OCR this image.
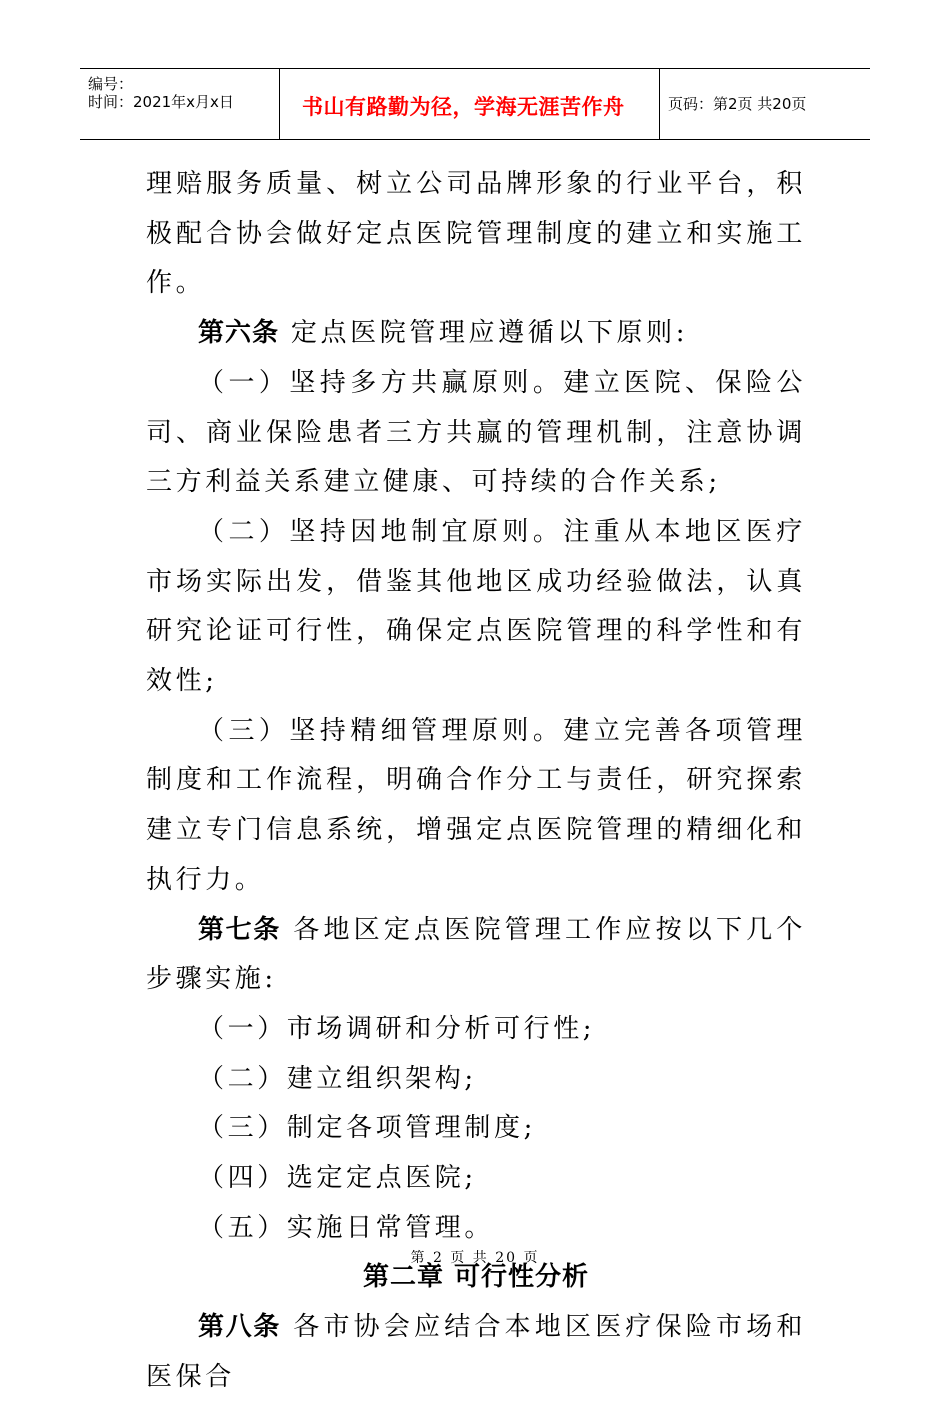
编号：
时间：2021年x月x日	书山有路勤为径，学海无涯苦作舟	页码：第2页 共20页

理赔服务质量、树立公司品牌形象的行业平台，积极配合协会做好定点医院管理制度的建立和实施工作。

第六条 定点医院管理应遵循以下原则:

（一）坚持多方共赢原则。建立医院、保险公司、商业保险患者三方共赢的管理机制，注意协调三方利益关系建立健康、可持续的合作关系;

（二）坚持因地制宜原则。注重从本地区医疗市场实际出发，借鉴其他地区成功经验做法，认真研究论证可行性，确保定点医院管理的科学性和有效性;

（三）坚持精细管理原则。建立完善各项管理制度和工作流程，明确合作分工与责任，研究探索建立专门信息系统，增强定点医院管理的精细化和执行力。

第七条 各地区定点医院管理工作应按以下几个步骤实施:

（一）市场调研和分析可行性;

（二）建立组织架构;

（三）制定各项管理制度;

（四）选定定点医院;

（五）实施日常管理。

第二章 可行性分析

第八条 各市协会应结合本地区医疗保险市场和医保合

第 2 页 共 20 页
